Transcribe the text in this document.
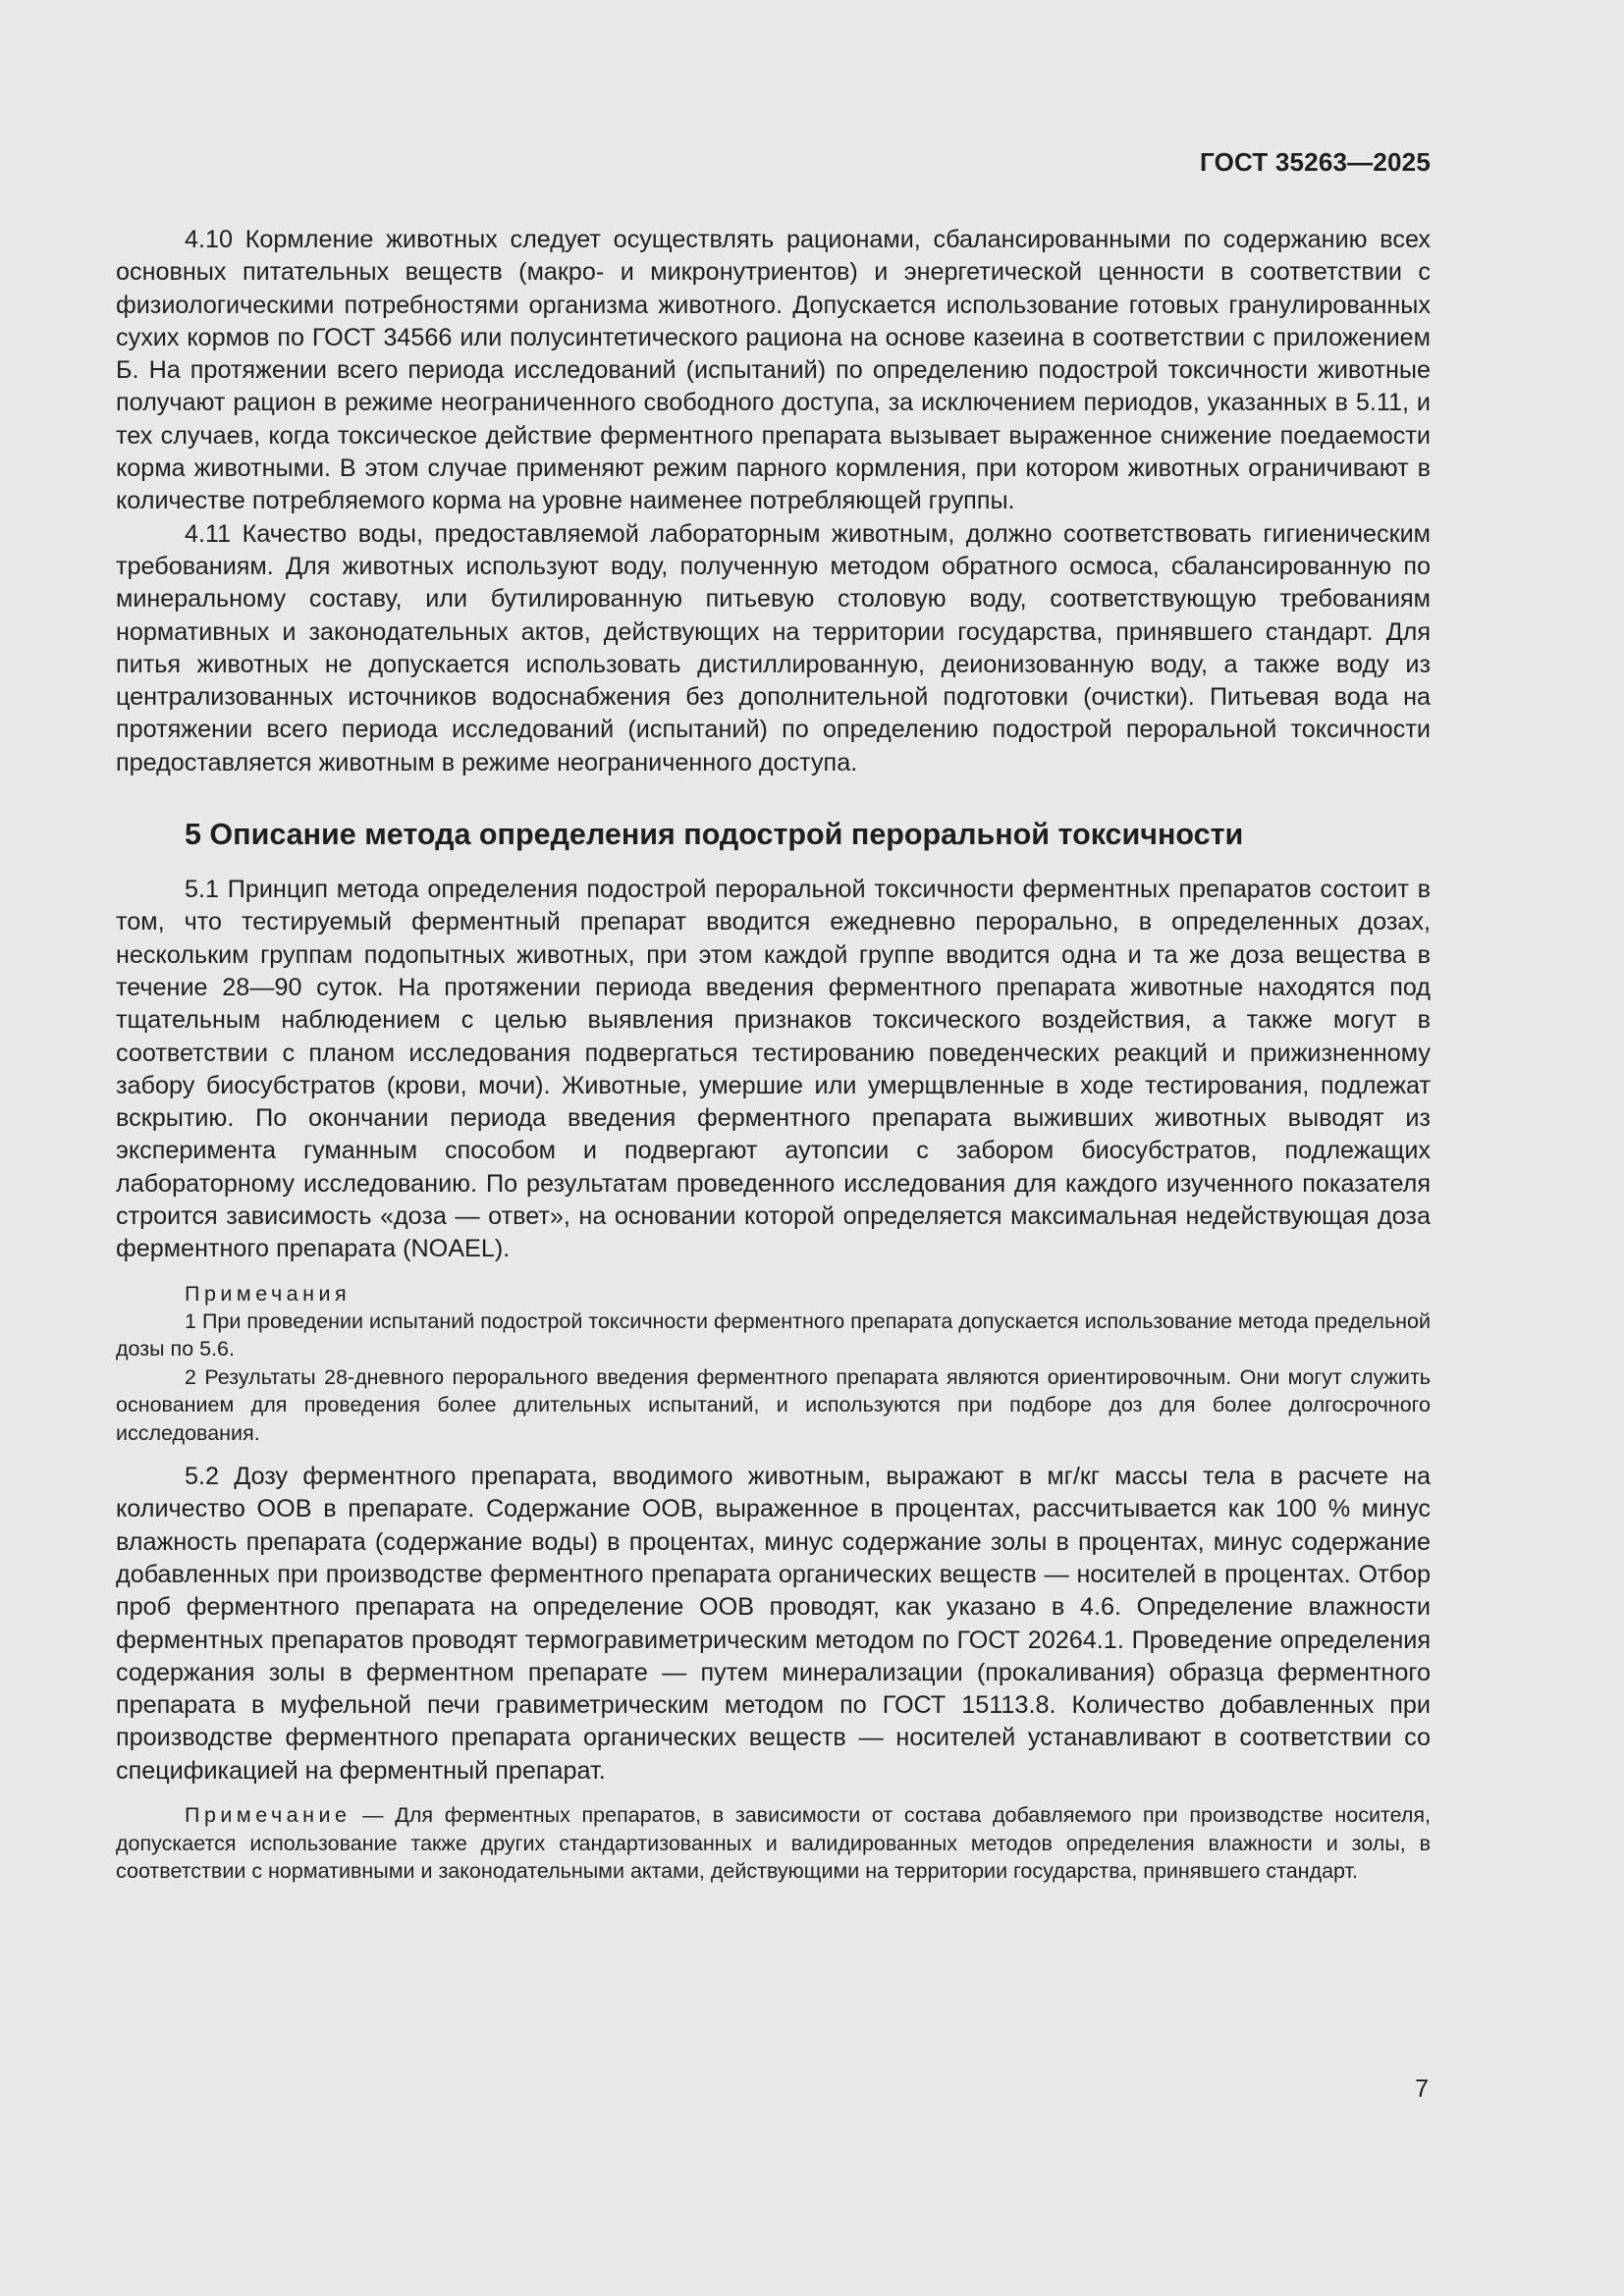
ГОСТ 35263—2025

4.10 Кормление животных следует осуществлять рационами, сбалансированными по содержанию всех основных питательных веществ (макро- и микронутриентов) и энергетической ценности в соответствии с физиологическими потребностями организма животного. Допускается использование готовых гранулированных сухих кормов по ГОСТ 34566 или полусинтетического рациона на основе казеина в соответствии с приложением Б. На протяжении всего периода исследований (испытаний) по определению подострой токсичности животные получают рацион в режиме неограниченного свободного доступа, за исключением периодов, указанных в 5.11, и тех случаев, когда токсическое действие ферментного препарата вызывает выраженное снижение поедаемости корма животными. В этом случае применяют режим парного кормления, при котором животных ограничивают в количестве потребляемого корма на уровне наименее потребляющей группы.

4.11 Качество воды, предоставляемой лабораторным животным, должно соответствовать гигиеническим требованиям. Для животных используют воду, полученную методом обратного осмоса, сбалансированную по минеральному составу, или бутилированную питьевую столовую воду, соответствующую требованиям нормативных и законодательных актов, действующих на территории государства, принявшего стандарт. Для питья животных не допускается использовать дистиллированную, деионизованную воду, а также воду из централизованных источников водоснабжения без дополнительной подготовки (очистки). Питьевая вода на протяжении всего периода исследований (испытаний) по определению подострой пероральной токсичности предоставляется животным в режиме неограниченного доступа.

5 Описание метода определения подострой пероральной токсичности

5.1 Принцип метода определения подострой пероральной токсичности ферментных препаратов состоит в том, что тестируемый ферментный препарат вводится ежедневно перорально, в определенных дозах, нескольким группам подопытных животных, при этом каждой группе вводится одна и та же доза вещества в течение 28—90 суток. На протяжении периода введения ферментного препарата животные находятся под тщательным наблюдением с целью выявления признаков токсического воздействия, а также могут в соответствии с планом исследования подвергаться тестированию поведенческих реакций и прижизненному забору биосубстратов (крови, мочи). Животные, умершие или умерщвленные в ходе тестирования, подлежат вскрытию. По окончании периода введения ферментного препарата выживших животных выводят из эксперимента гуманным способом и подвергают аутопсии с забором биосубстратов, подлежащих лабораторному исследованию. По результатам проведенного исследования для каждого изученного показателя строится зависимость «доза — ответ», на основании которой определяется максимальная недействующая доза ферментного препарата (NOAEL).

Примечания

1 При проведении испытаний подострой токсичности ферментного препарата допускается использование метода предельной дозы по 5.6.

2 Результаты 28-дневного перорального введения ферментного препарата являются ориентировочным. Они могут служить основанием для проведения более длительных испытаний, и используются при подборе доз для более долгосрочного исследования.

5.2 Дозу ферментного препарата, вводимого животным, выражают в мг/кг массы тела в расчете на количество ООВ в препарате. Содержание ООВ, выраженное в процентах, рассчитывается как 100 % минус влажность препарата (содержание воды) в процентах, минус содержание золы в процентах, минус содержание добавленных при производстве ферментного препарата органических веществ — носителей в процентах. Отбор проб ферментного препарата на определение ООВ проводят, как указано в 4.6. Определение влажности ферментных препаратов проводят термогравиметрическим методом по ГОСТ 20264.1. Проведение определения содержания золы в ферментном препарате — путем минерализации (прокаливания) образца ферментного препарата в муфельной печи гравиметрическим методом по ГОСТ 15113.8. Количество добавленных при производстве ферментного препарата органических веществ — носителей устанавливают в соответствии со спецификацией на ферментный препарат.

Примечание — Для ферментных препаратов, в зависимости от состава добавляемого при производстве носителя, допускается использование также других стандартизованных и валидированных методов определения влажности и золы, в соответствии с нормативными и законодательными актами, действующими на территории государства, принявшего стандарт.

7
